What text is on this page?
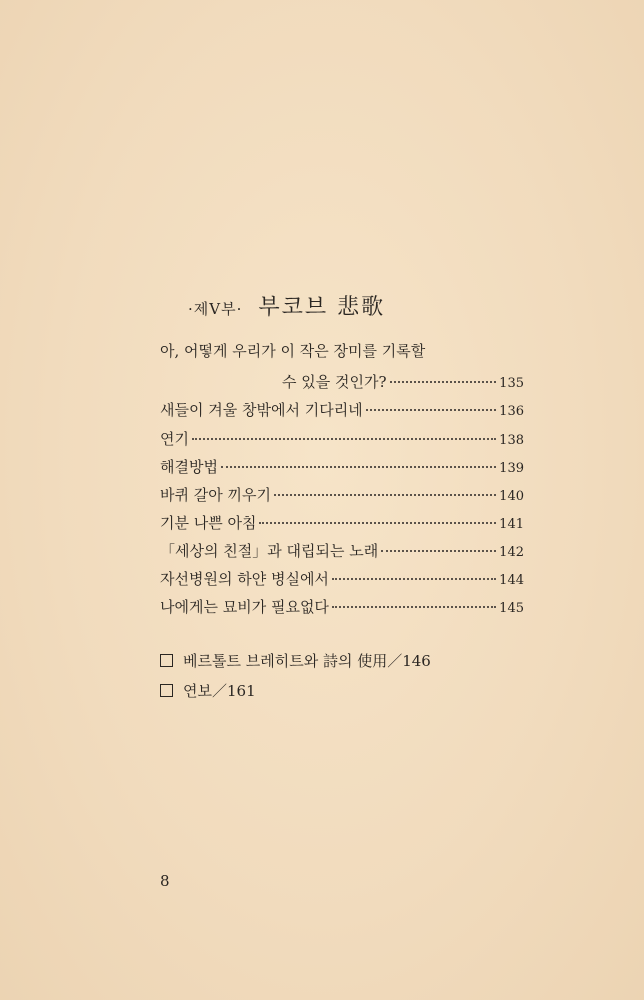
·제Ⅴ부· 부코브 悲歌
아, 어떻게 우리가 이 작은 장미를 기록할
수 있을 것인가?	135
새들이 겨울 창밖에서 기다리네	136
연기	138
해결방법	139
바퀴 갈아 끼우기	140
기분 나쁜 아침	141
「세상의 친절」과 대립되는 노래	142
자선병원의 하얀 병실에서	144
나에게는 묘비가 필요없다	145
베르톨트 브레히트와 詩의 使用／146
연보／161
8
